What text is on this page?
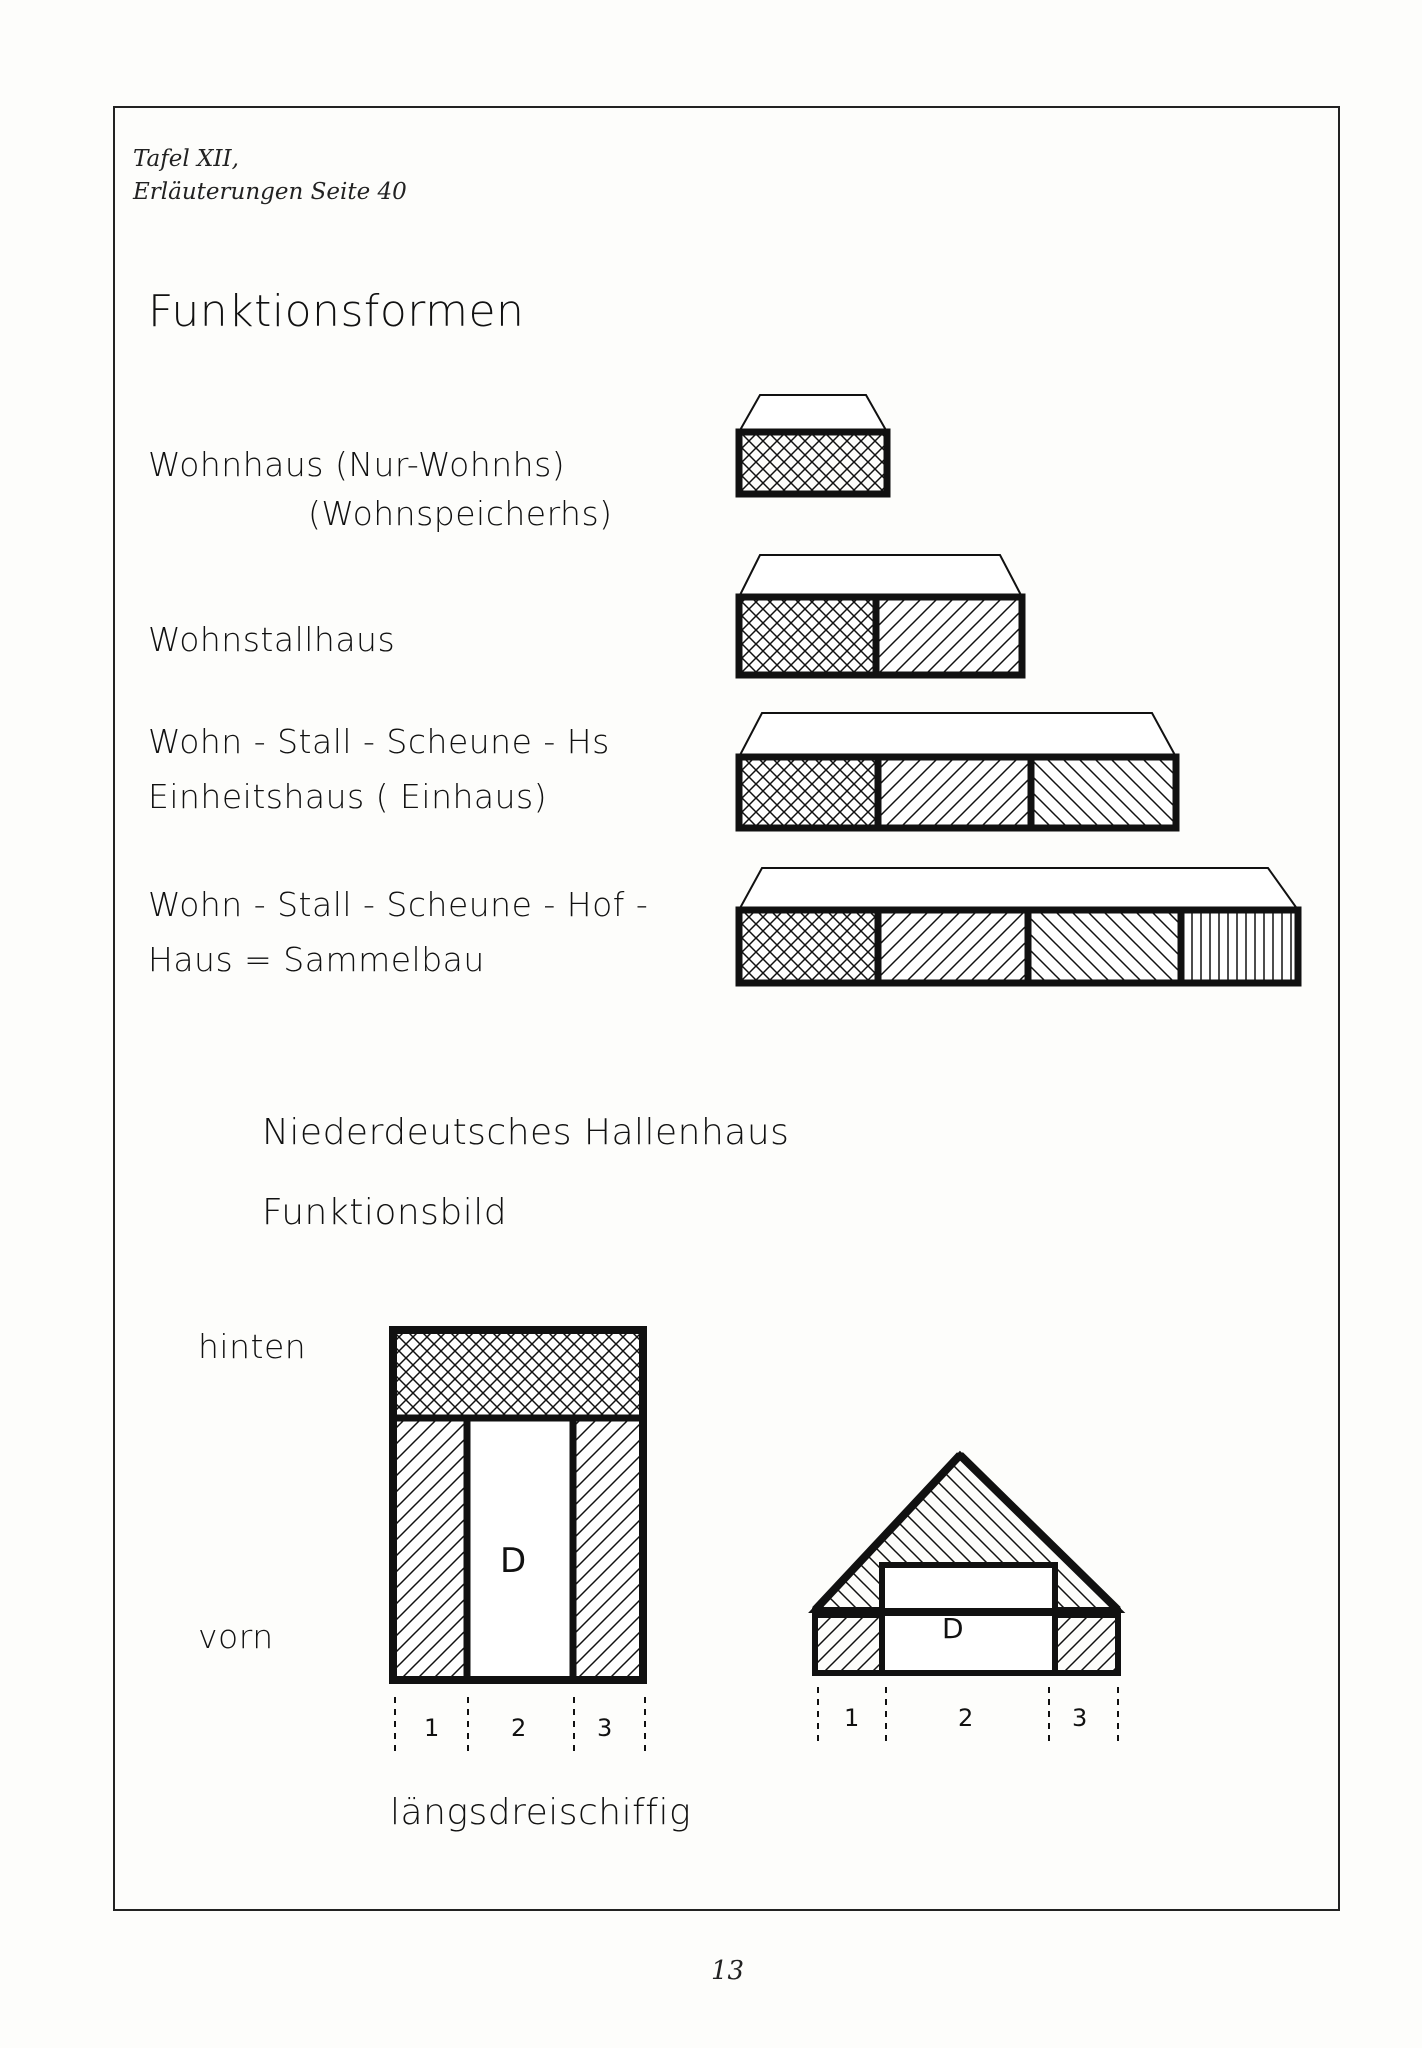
Tafel XII,
Erläuterungen Seite 40
Funktionsformen
Wohnhaus (Nur-Wohnhs)
(Wohnspeicherhs)
Wohnstallhaus
Wohn - Stall - Scheune - Hs
Einheitshaus ( Einhaus)
Wohn - Stall - Scheune - Hof -
Haus = Sammelbau
Niederdeutsches Hallenhaus
Funktionsbild
hinten
vorn
längsdreischiffig
13
D
D
1	2	3	1	2	3
